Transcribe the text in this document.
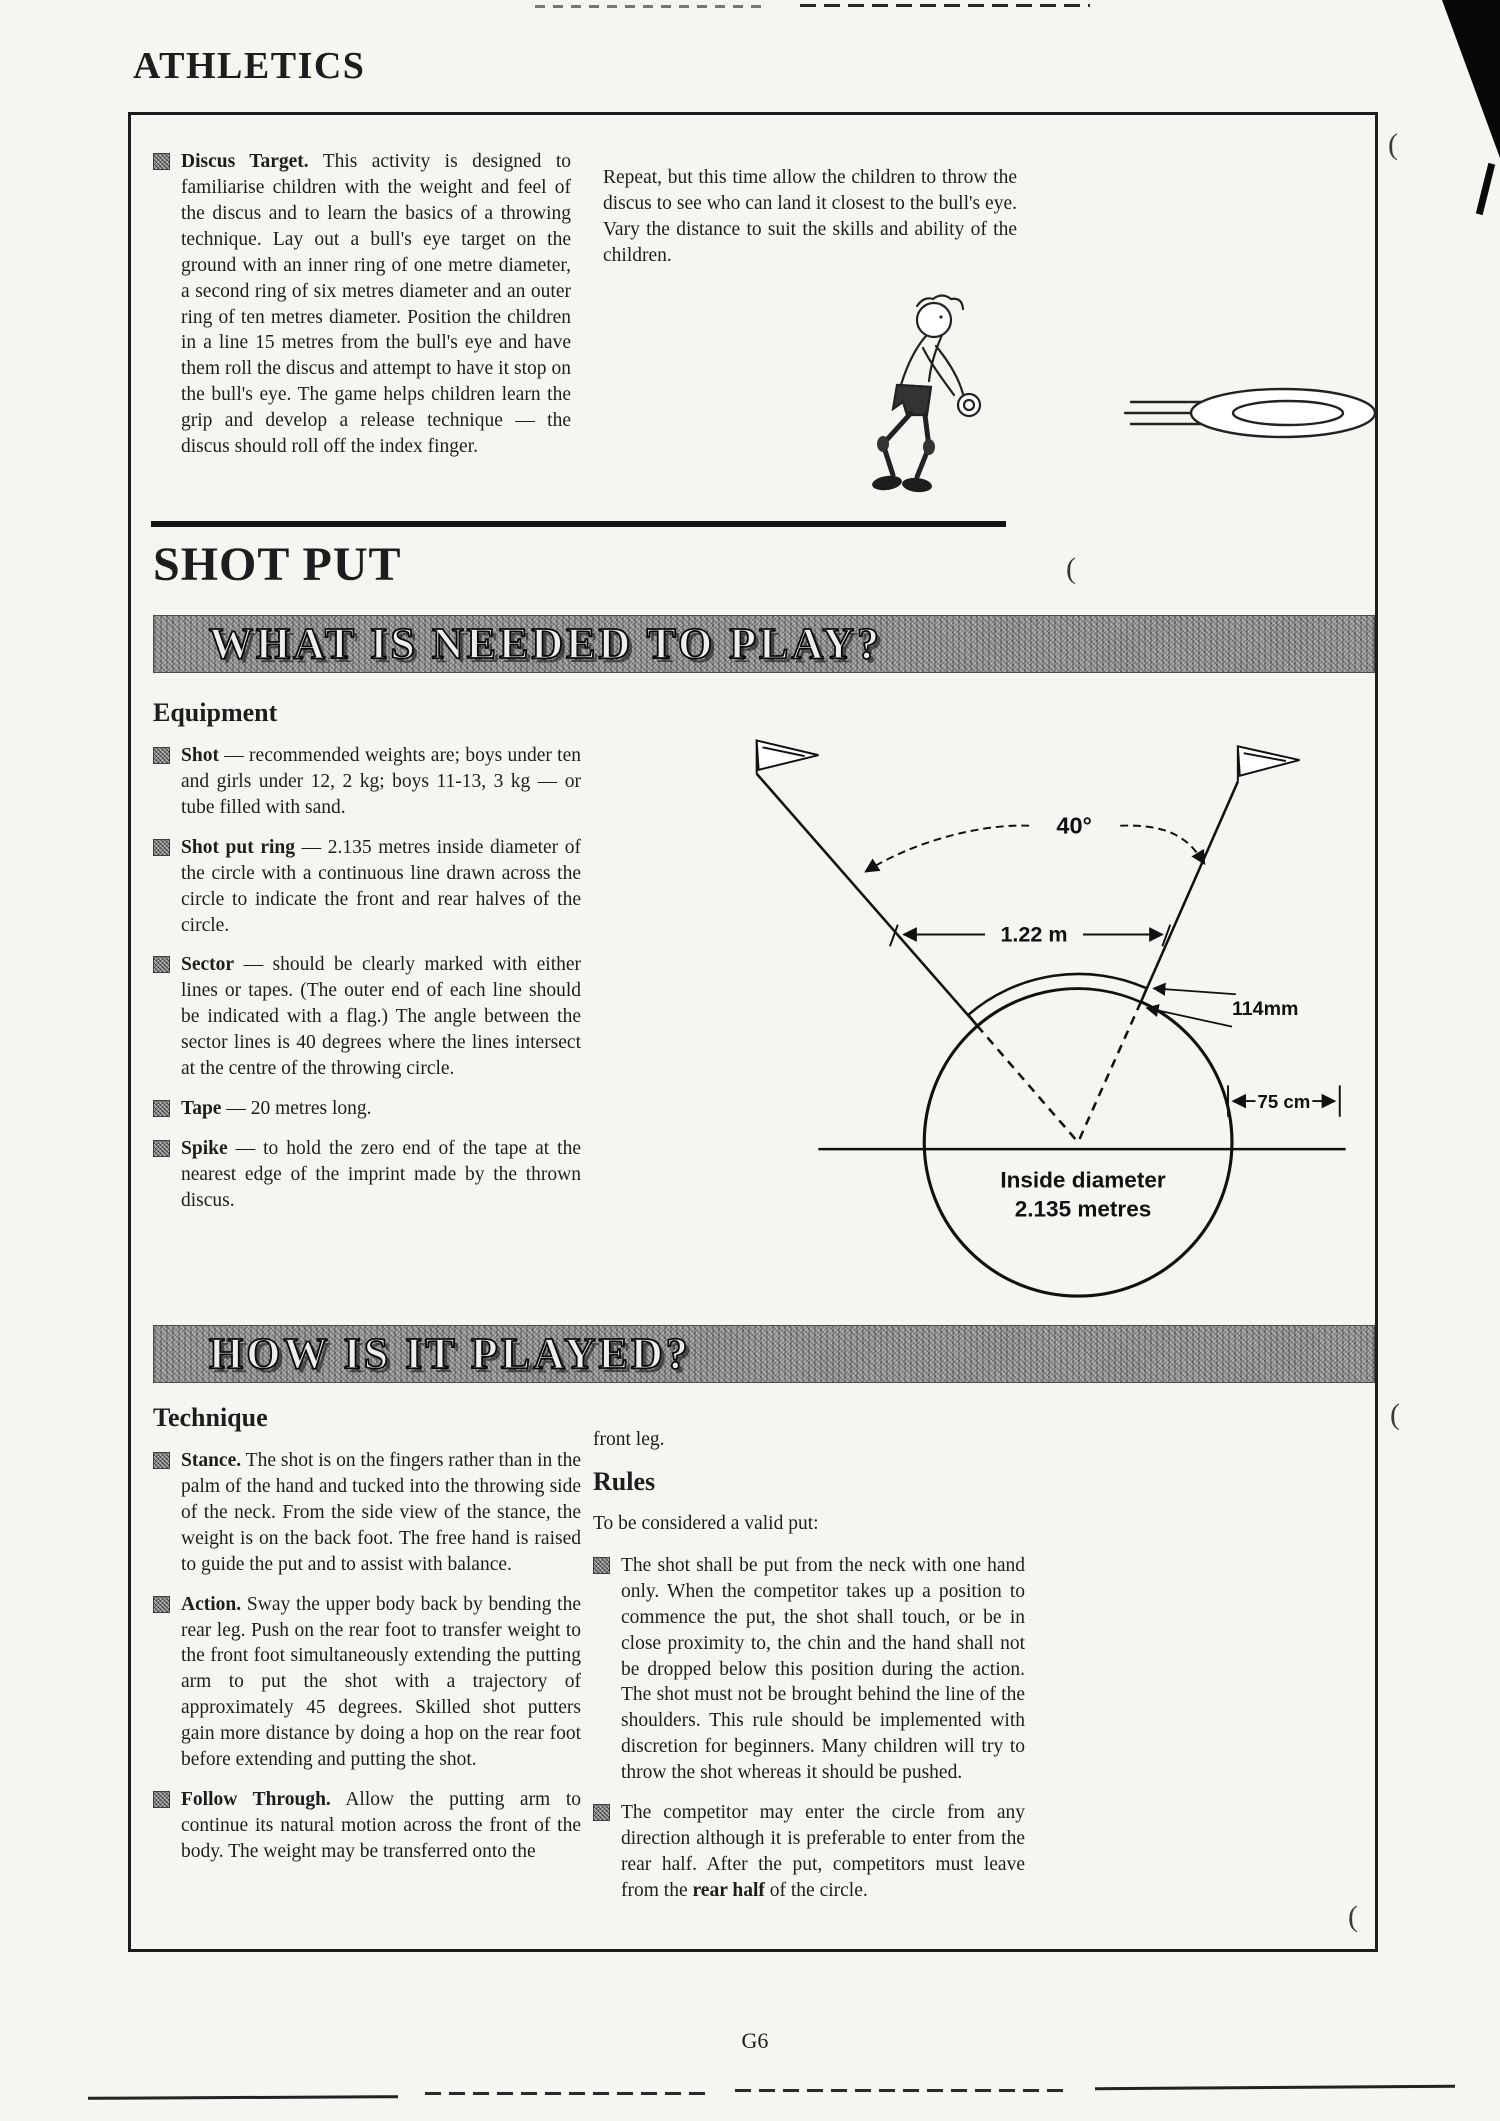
(
(
(
(
ATHLETICS
Discus Target. This activity is designed to familiarise children with the weight and feel of the discus and to learn the basics of a throwing technique. Lay out a bull's eye target on the ground with an inner ring of one metre diameter, a second ring of six metres diameter and an outer ring of ten metres diameter. Position the children in a line 15 metres from the bull's eye and have them roll the discus and attempt to have it stop on the bull's eye. The game helps children learn the grip and develop a release technique — the discus should roll off the index finger.
Repeat, but this time allow the children to throw the discus to see who can land it closest to the bull's eye. Vary the distance to suit the skills and ability of the children.
SHOT PUT
WHAT IS NEEDED TO PLAY?
Equipment
Shot — recommended weights are; boys under ten and girls under 12, 2 kg; boys 11-13, 3 kg — or tube filled with sand.
Shot put ring — 2.135 metres inside diameter of the circle with a continuous line drawn across the circle to indicate the front and rear halves of the circle.
Sector — should be clearly marked with either lines or tapes. (The outer end of each line should be indicated with a flag.) The angle between the sector lines is 40 degrees where the lines intersect at the centre of the throwing circle.
Tape — 20 metres long.
Spike — to hold the zero end of the tape at the nearest edge of the imprint made by the thrown discus.
40°
1.22 m
114mm
75 cm
Inside diameter
2.135 metres
HOW IS IT PLAYED?
Technique
Stance. The shot is on the fingers rather than in the palm of the hand and tucked into the throwing side of the neck. From the side view of the stance, the weight is on the back foot. The free hand is raised to guide the put and to assist with balance.
Action. Sway the upper body back by bending the rear leg. Push on the rear foot to transfer weight to the front foot simultaneously extending the putting arm to put the shot with a trajectory of approximately 45 degrees. Skilled shot putters gain more distance by doing a hop on the rear foot before extending and putting the shot.
Follow Through. Allow the putting arm to continue its natural motion across the front of the body. The weight may be transferred onto the
front leg.
Rules
To be considered a valid put:
The shot shall be put from the neck with one hand only. When the competitor takes up a position to commence the put, the shot shall touch, or be in close proximity to, the chin and the hand shall not be dropped below this position during the action. The shot must not be brought behind the line of the shoulders. This rule should be implemented with discretion for beginners. Many children will try to throw the shot whereas it should be pushed.
The competitor may enter the circle from any direction although it is preferable to enter from the rear half. After the put, competitors must leave from the rear half of the circle.
G6
